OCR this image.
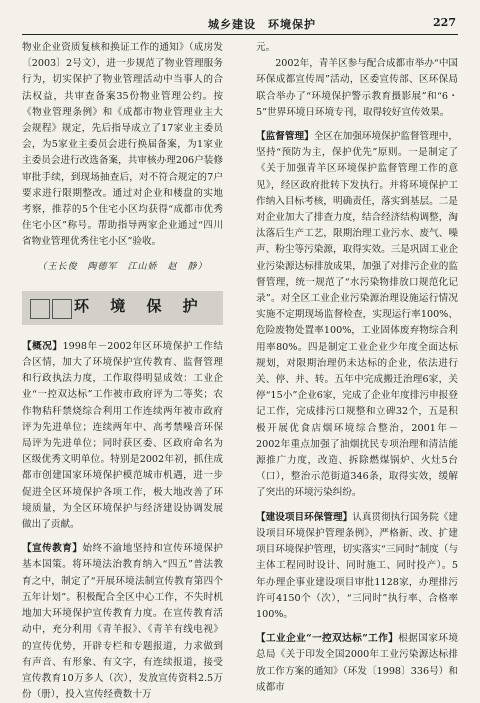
城乡建设　环境保护	227

物业企业资质复核和换证工作的通知》（成房发〔2003〕2号文），进一步规范了物业管理服务行为，切实保护了物业管理活动中当事人的合法权益，共审查备案35份物业管理公约。按《物业管理条例》和《成都市物业管理业主大会规程》规定，先后指导成立了17家业主委员会，为5家业主委员会进行换届备案，为1家业主委员会进行改选备案，共审核办理206户装修审批手续，到现场抽查后，对不符合规定的7户要求进行限期整改。通过对企业和楼盘的实地考察，推荐的5个住宅小区均获得“成都市优秀住宅小区”称号。帮助指导两家企业通过“四川省物业管理优秀住宅小区”验收。

（王长俊　陶德军　江山娇　赵　静）
环 境 保 护

【概况】1998年－2002年区环境保护工作结合区情，加大了环境保护宣传教育、监督管理和行政执法力度，工作取得明显成效：工业企业“一控双达标”工作被市政府评为二等奖；农作物秸秆禁烧综合利用工作连续两年被市政府评为先进单位；连续两年中、高考禁噪音环保局评为先进单位；同时获区委、区政府命名为区级优秀文明单位。特别是2002年初，抓住成都市创建国家环境保护模范城市机遇，进一步促进全区环境保护各项工作，极大地改善了环境质量，为全区环境保护与经济建设协调发展做出了贡献。

【宣传教育】始终不渝地坚持和宣传环境保护基本国策。将环境法治教育纳入“四五”普法教育之中，制定了“开展环境法制宣传教育第四个五年计划”。积极配合全区中心工作，不失时机地加大环境保护宣传教育力度。在宣传教育活动中，充分利用《青羊报》、《青羊有线电视》的宣传优势，开辟专栏和专题报道，力求做到有声音、有形象、有文字，有连续报道，接受宣传教育10万多人（次），发放宣传资料2.5万份（册），投入宣传经费数十万

元。

2002年，青羊区参与配合成都市举办“中国环保成都宣传周”活动，区委宣传部、区环保局联合举办了“环境保护警示教育摄影展”和“6・5”世界环境日环境专刊，取得较好宣传效果。

【监督管理】全区在加强环境保护监督管理中，坚持“预防为主，保护优先”原则。一是制定了《关于加强青羊区环境保护监督管理工作的意见》，经区政府批转下发执行。并将环境保护工作纳入目标考核，明确责任，落实到基层。二是对企业加大了排查力度，结合经济结构调整，淘汰落后生产工艺，限期治理工业污水、废气、噪声、粉尘等污染源，取得实效。三是巩固工业企业污染源达标排放成果，加强了对排污企业的监督管理，统一规范了“水污染物排放口规范化记录”。对全区工业企业污染源治理设施运行情况实施不定期现场监督检查，实现运行率100%、危险废物处置率100%，工业固体废弃物综合利用率80%。四是制定工业企业少年度全面达标规划，对限期治理仍未达标的企业，依法进行关、停、并、转。五年中完成搬迁治理6家，关停“15小”企业6家，完成了企业年度排污申报登记工作，完成排污口规整和立碑32个，五是积极开展优食店烟环境综合整治，2001年－2002年重点加强了油烟扰民专项治理和清洁能源推广力度，改造、拆除燃煤锅炉、火灶5台（口），整治示范街道346条，取得实效，缓解了突出的环境污染纠纷。

【建设项目环保管理】认真贯彻执行国务院《建设项目环境保护管理条例》，严格新、改、扩建项目环境保护管理，切实落实“三同时”制度（与主体工程同时设计、同时施工、同时投产）。5年办理企事业建设项目审批1128家，办理排污许可4150个（次），“三同时”执行率、合格率100%。

【工业企业“一控双达标”工作】根据国家环境总局《关于印发全国2000年工业污染源达标排放工作方案的通知》（环发〔1998〕336号）和成都市
